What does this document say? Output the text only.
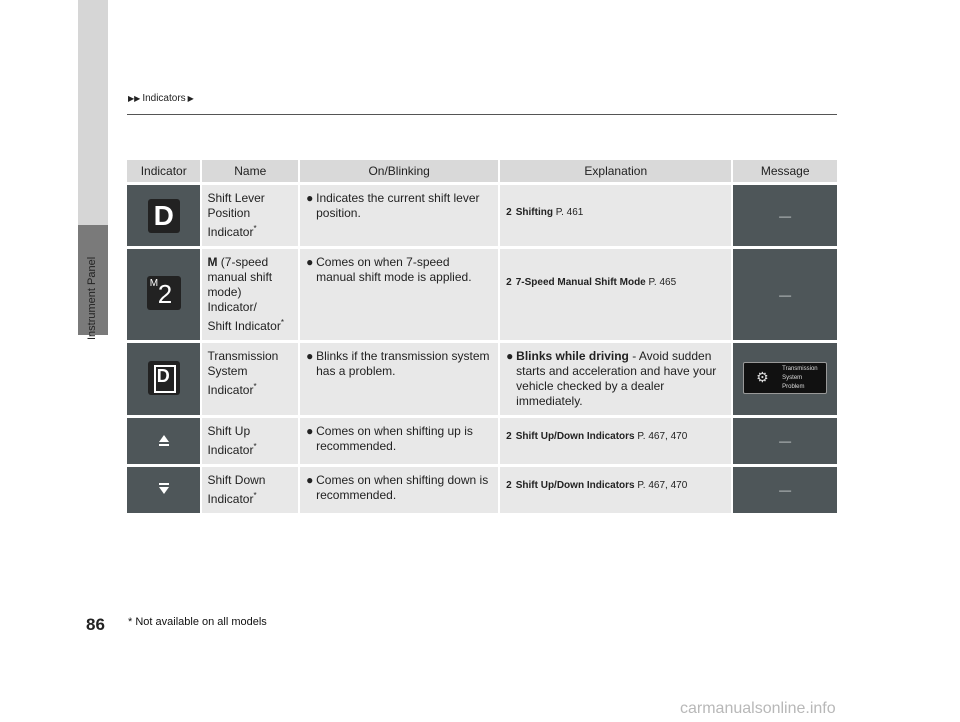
Instrument Panel
▶▶ Indicators ▶
Indicator	Name	On/Blinking	Explanation	Message
D	Shift Lever
Position
Indicator*	● Indicates the current shift lever position.	2 Shifting
P. 461	—

M 2	M (7-speed
manual shift
mode) Indicator/
Shift Indicator*	● Comes on when 7-speed manual shift mode is applied.	2 7-Speed Manual Shift Mode
P. 465	—

D	Transmission
System
Indicator*	● Blinks if the transmission system has a problem.	● Blinks while driving - Avoid sudden starts and acceleration and have your vehicle checked by a dealer immediately.	⚙ Transmission
System
Problem

Shift Up
Indicator*	● Comes on when shifting up is recommended.	2 Shift Up/Down Indicators
P. 467, 470	—

Shift Down
Indicator*	● Comes on when shifting down is recommended.	2 Shift Up/Down Indicators
P. 467, 470	—
86 * Not available on all models
carmanualsonline.info
